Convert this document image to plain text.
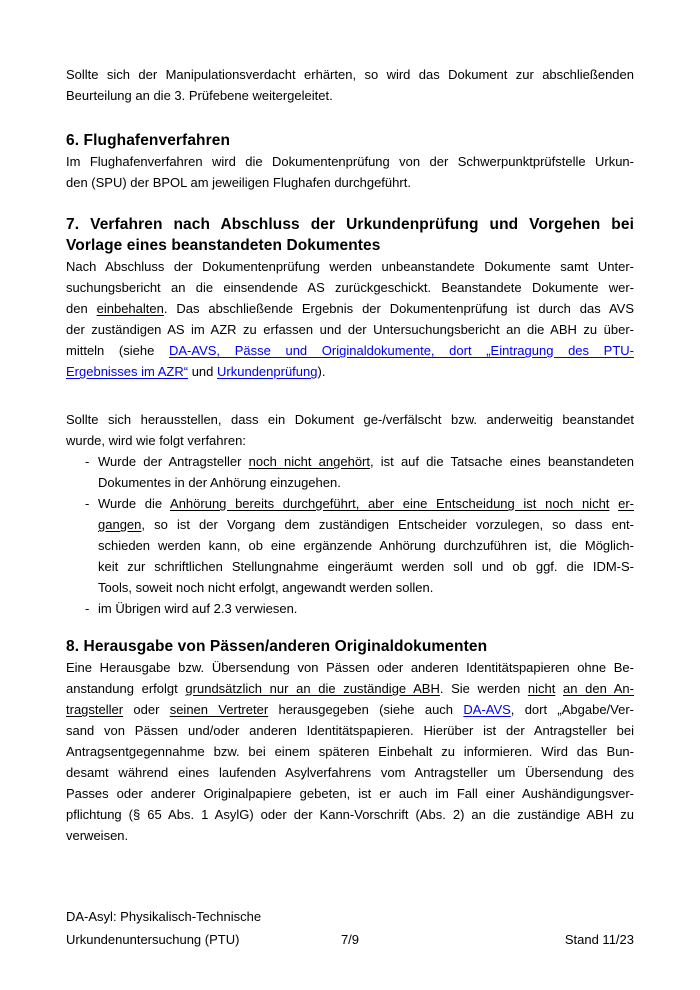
Sollte sich der Manipulationsverdacht erhärten, so wird das Dokument zur abschließenden
Beurteilung an die 3. Prüfebene weitergeleitet.
6. Flughafenverfahren
Im Flughafenverfahren wird die Dokumentenprüfung von der Schwerpunktprüfstelle Urkun-
den (SPU) der BPOL am jeweiligen Flughafen durchgeführt.
7. Verfahren nach Abschluss der Urkundenprüfung und Vorgehen bei
Vorlage eines beanstandeten Dokumentes
Nach Abschluss der Dokumentenprüfung werden unbeanstandete Dokumente samt Unter-
suchungsbericht an die einsendende AS zurückgeschickt. Beanstandete Dokumente wer-
den einbehalten. Das abschließende Ergebnis der Dokumentenprüfung ist durch das AVS
der zuständigen AS im AZR zu erfassen und der Untersuchungsbericht an die ABH zu über-
mitteln (siehe DA-AVS, Pässe und Originaldokumente, dort „Eintragung des PTU-
Ergebnisses im AZR“ und Urkundenprüfung).
Sollte sich herausstellen, dass ein Dokument ge-/verfälscht bzw. anderweitig beanstandet
wurde, wird wie folgt verfahren:
- Wurde der Antragsteller noch nicht angehört, ist auf die Tatsache eines beanstandeten
Dokumentes in der Anhörung einzugehen.
- Wurde die Anhörung bereits durchgeführt, aber eine Entscheidung ist noch nicht er-
gangen, so ist der Vorgang dem zuständigen Entscheider vorzulegen, so dass ent-
schieden werden kann, ob eine ergänzende Anhörung durchzuführen ist, die Möglich-
keit zur schriftlichen Stellungnahme eingeräumt werden soll und ob ggf. die IDM-S-
Tools, soweit noch nicht erfolgt, angewandt werden sollen.
- im Übrigen wird auf 2.3 verwiesen.
8. Herausgabe von Pässen/anderen Originaldokumenten
Eine Herausgabe bzw. Übersendung von Pässen oder anderen Identitätspapieren ohne Be-
anstandung erfolgt grundsätzlich nur an die zuständige ABH. Sie werden nicht an den An-
tragsteller oder seinen Vertreter herausgegeben (siehe auch DA-AVS, dort „Abgabe/Ver-
sand von Pässen und/oder anderen Identitätspapieren. Hierüber ist der Antragsteller bei
Antragsentgegennahme bzw. bei einem späteren Einbehalt zu informieren. Wird das Bun-
desamt während eines laufenden Asylverfahrens vom Antragsteller um Übersendung des
Passes oder anderer Originalpapiere gebeten, ist er auch im Fall einer Aushändigungsver-
pflichtung (§ 65 Abs. 1 AsylG) oder der Kann-Vorschrift (Abs. 2) an die zuständige ABH zu
verweisen.
DA-Asyl: Physikalisch-Technische
Urkundenuntersuchung (PTU)	7/9	Stand 11/23
